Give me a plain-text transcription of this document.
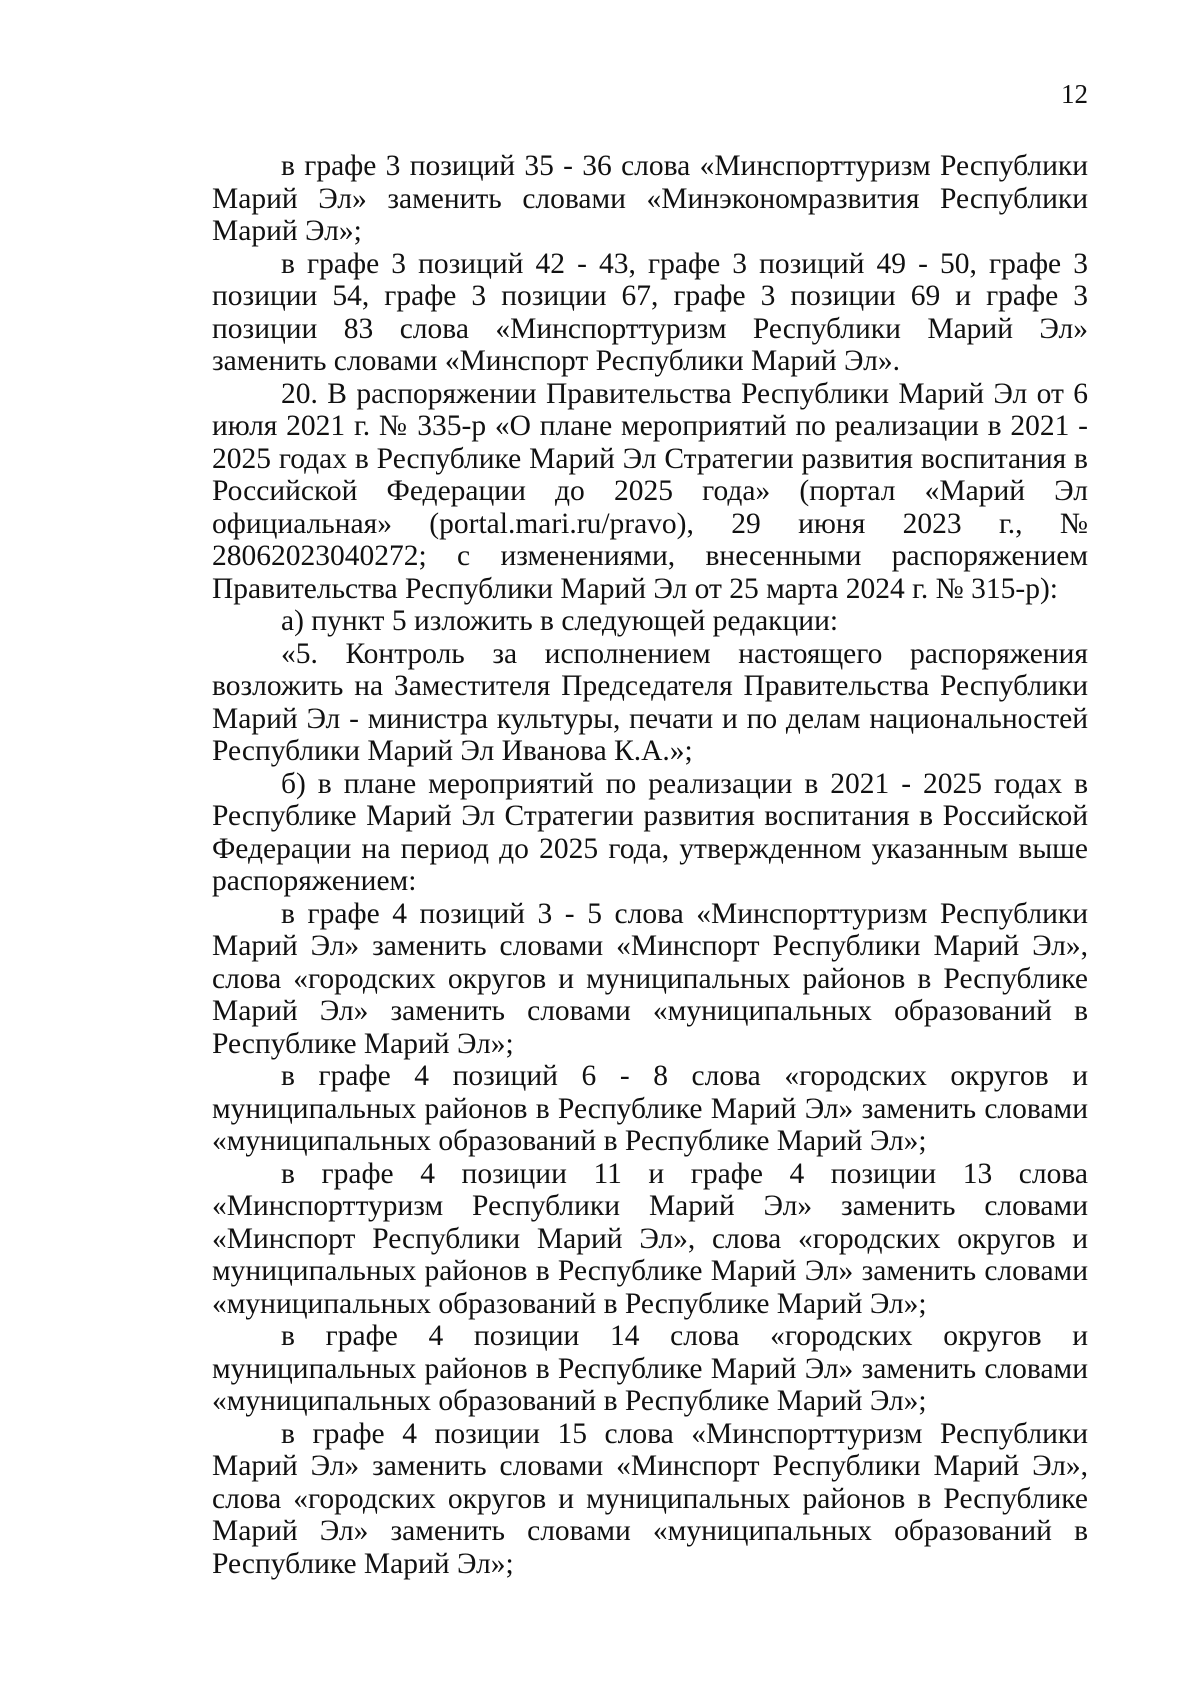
12

в графе 3 позиций 35 - 36 слова «Минспорттуризм Республики Марий Эл» заменить словами «Минэкономразвития Республики Марий Эл»;

в графе 3 позиций 42 - 43, графе 3 позиций 49 - 50, графе 3 позиции 54, графе 3 позиции 67, графе 3 позиции 69 и графе 3 позиции 83 слова «Минспорттуризм Республики Марий Эл» заменить словами «Минспорт Республики Марий Эл».

20. В распоряжении Правительства Республики Марий Эл от 6 июля 2021 г. № 335-р «О плане мероприятий по реализации в 2021 - 2025 годах в Республике Марий Эл Стратегии развития воспитания в Российской Федерации до 2025 года» (портал «Марий Эл официальная» (portal.mari.ru/pravo), 29 июня 2023 г., № 28062023040272; с изменениями, внесенными распоряжением Правительства Республики Марий Эл от 25 марта 2024 г. № 315-р):

а) пункт 5 изложить в следующей редакции:

«5. Контроль за исполнением настоящего распоряжения возложить на Заместителя Председателя Правительства Республики Марий Эл - министра культуры, печати и по делам национальностей Республики Марий Эл Иванова К.А.»;

б) в плане мероприятий по реализации в 2021 - 2025 годах в Республике Марий Эл Стратегии развития воспитания в Российской Федерации на период до 2025 года, утвержденном указанным выше распоряжением:

в графе 4 позиций 3 - 5 слова «Минспорттуризм Республики Марий Эл» заменить словами «Минспорт Республики Марий Эл», слова «городских округов и муниципальных районов в Республике Марий Эл» заменить словами «муниципальных образований в Республике Марий Эл»;

в графе 4 позиций 6 - 8 слова «городских округов и муниципальных районов в Республике Марий Эл» заменить словами «муниципальных образований в Республике Марий Эл»;

в графе 4 позиции 11 и графе 4 позиции 13 слова «Минспорттуризм Республики Марий Эл» заменить словами «Минспорт Республики Марий Эл», слова «городских округов и муниципальных районов в Республике Марий Эл» заменить словами «муниципальных образований в Республике Марий Эл»;

в графе 4 позиции 14 слова «городских округов и муниципальных районов в Республике Марий Эл» заменить словами «муниципальных образований в Республике Марий Эл»;

в графе 4 позиции 15 слова «Минспорттуризм Республики Марий Эл» заменить словами «Минспорт Республики Марий Эл», слова «городских округов и муниципальных районов в Республике Марий Эл» заменить словами «муниципальных образований в Республике Марий Эл»;
